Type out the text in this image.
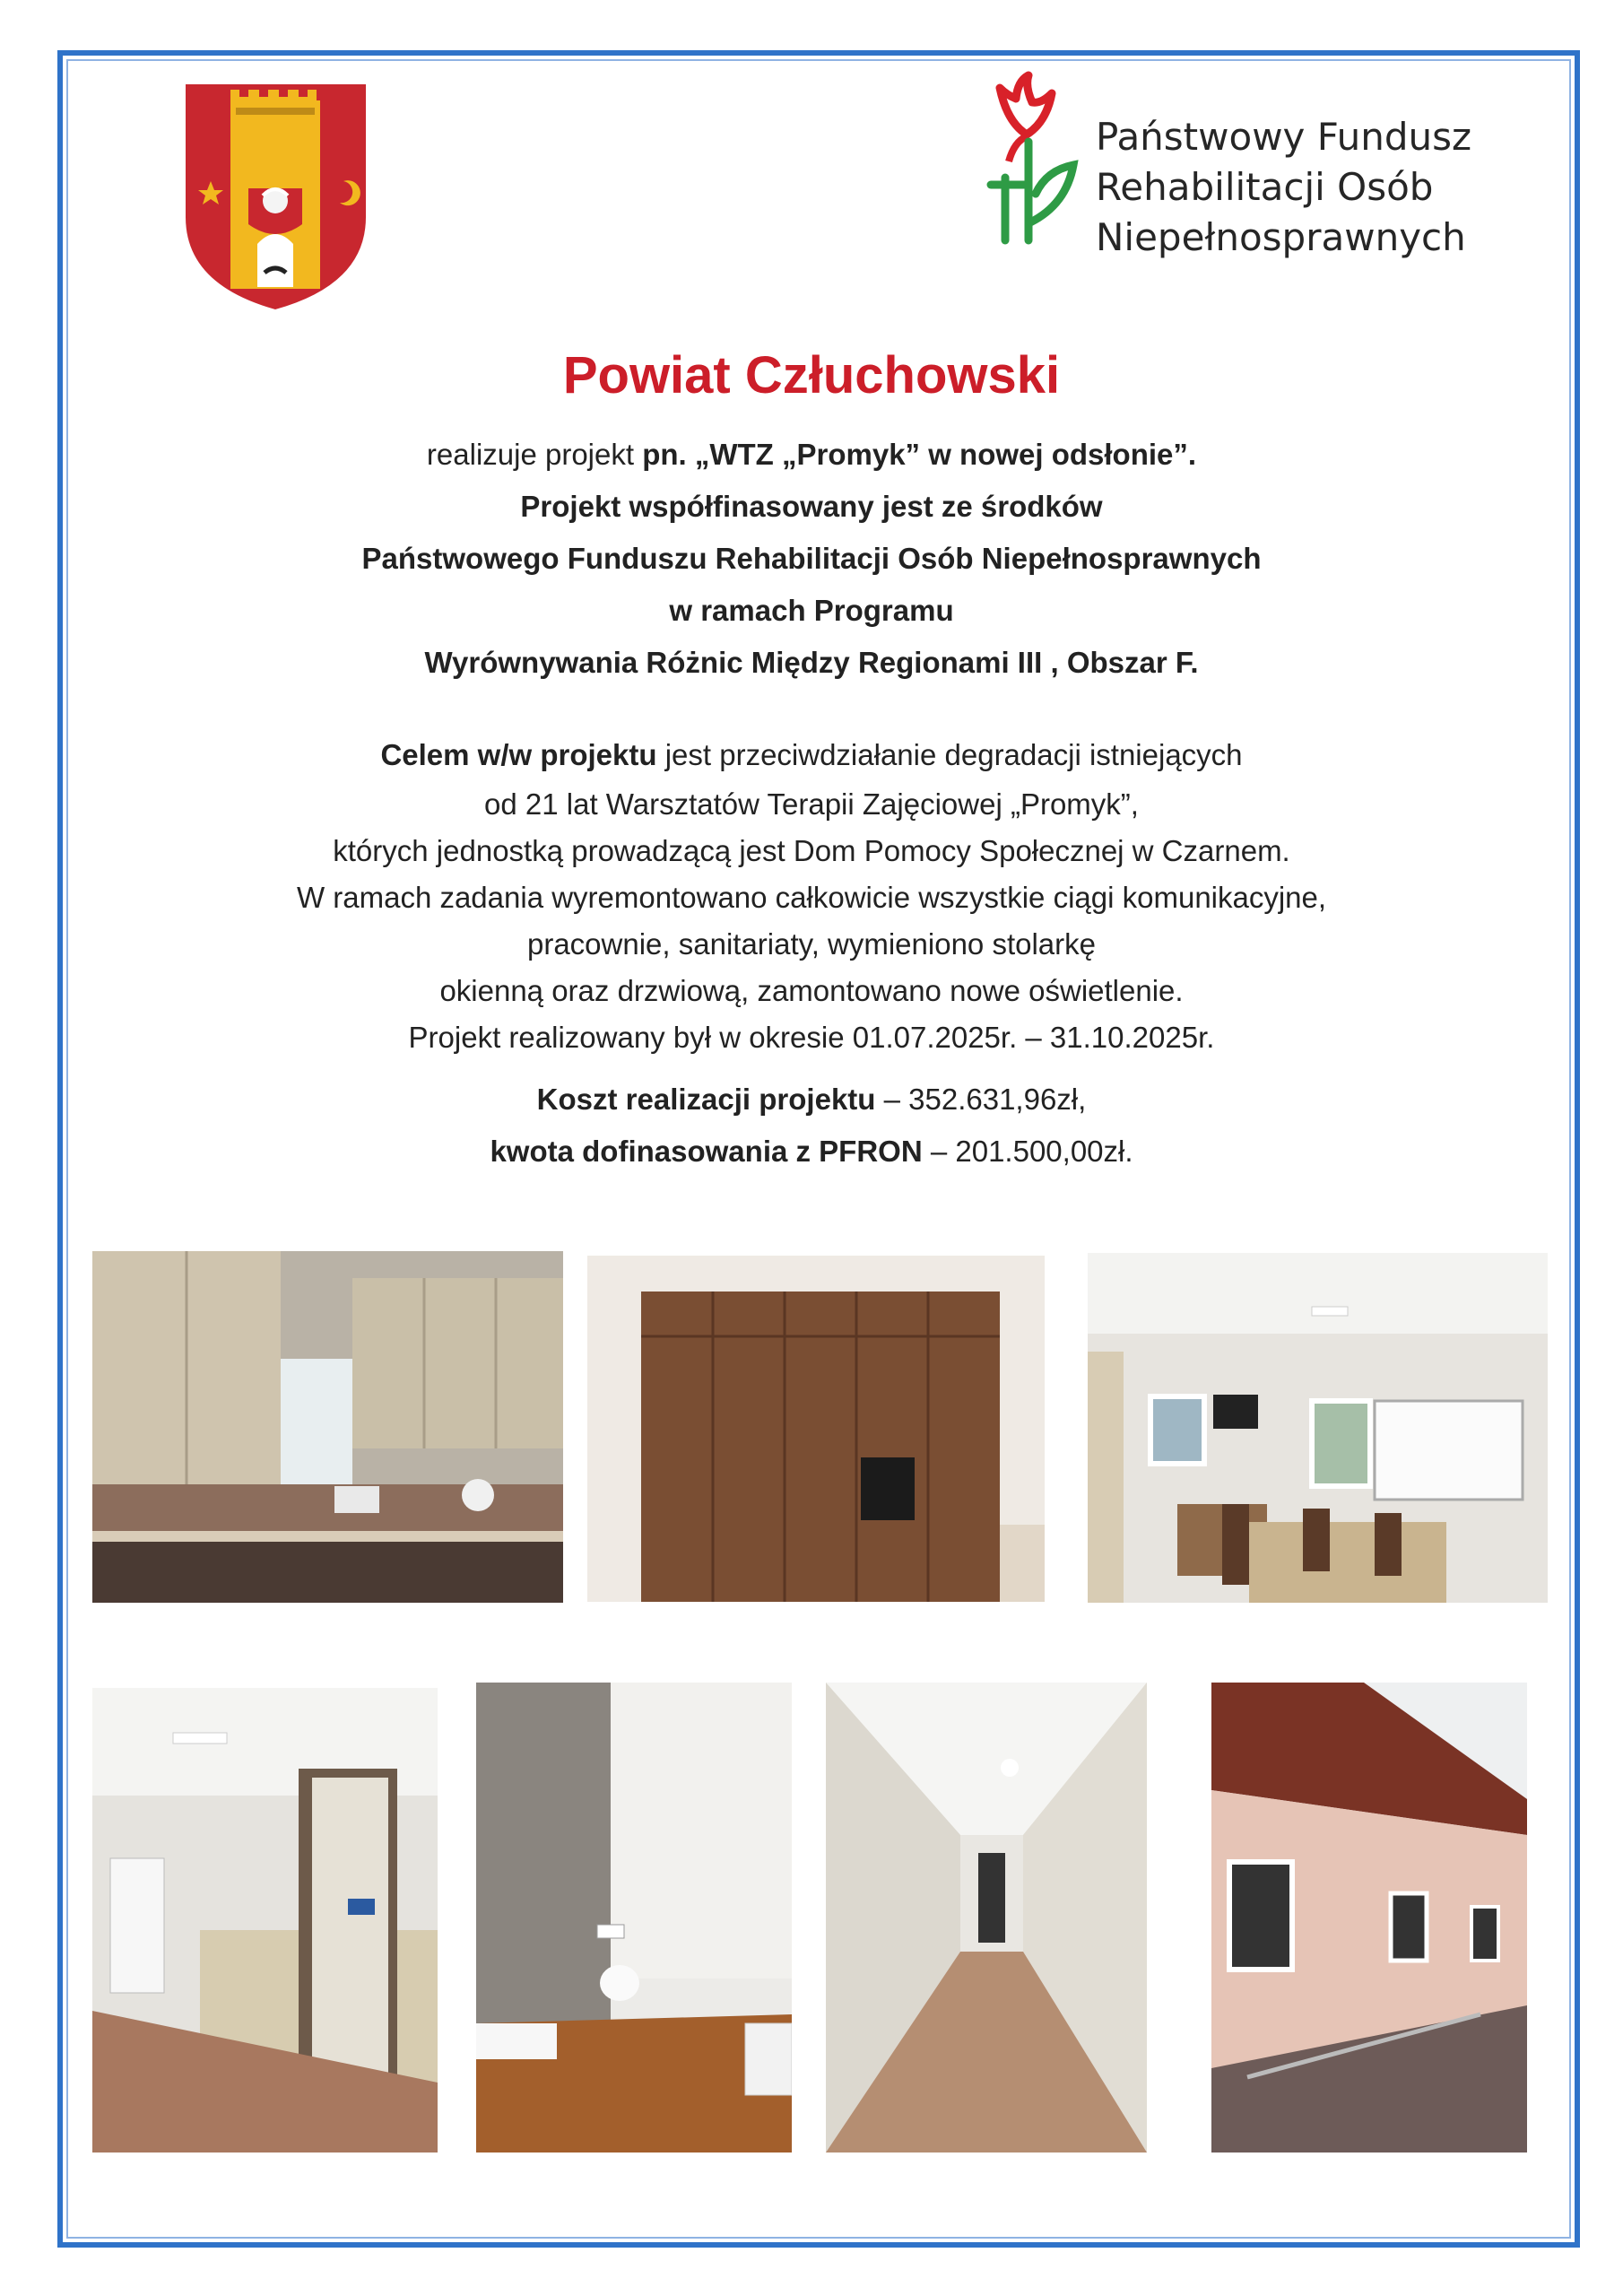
Państwowy Fundusz
Rehabilitacji Osób
Niepełnosprawnych
Powiat Człuchowski
realizuje projekt pn. „WTZ „Promyk” w nowej odsłonie”.
Projekt współfinasowany jest ze środków
Państwowego Funduszu Rehabilitacji Osób Niepełnosprawnych
w ramach Programu
Wyrównywania Różnic Między Regionami III , Obszar F.
Celem w/w projektu jest przeciwdziałanie degradacji istniejących
od 21 lat Warsztatów Terapii Zajęciowej „Promyk”,
których jednostką prowadzącą jest Dom Pomocy Społecznej w Czarnem.
W ramach zadania wyremontowano całkowicie wszystkie ciągi komunikacyjne,
pracownie, sanitariaty, wymieniono stolarkę
okienną oraz drzwiową, zamontowano nowe oświetlenie.
Projekt realizowany był w okresie 01.07.2025r. – 31.10.2025r.
Koszt realizacji projektu – 352.631,96zł,
kwota dofinasowania z PFRON – 201.500,00zł.
